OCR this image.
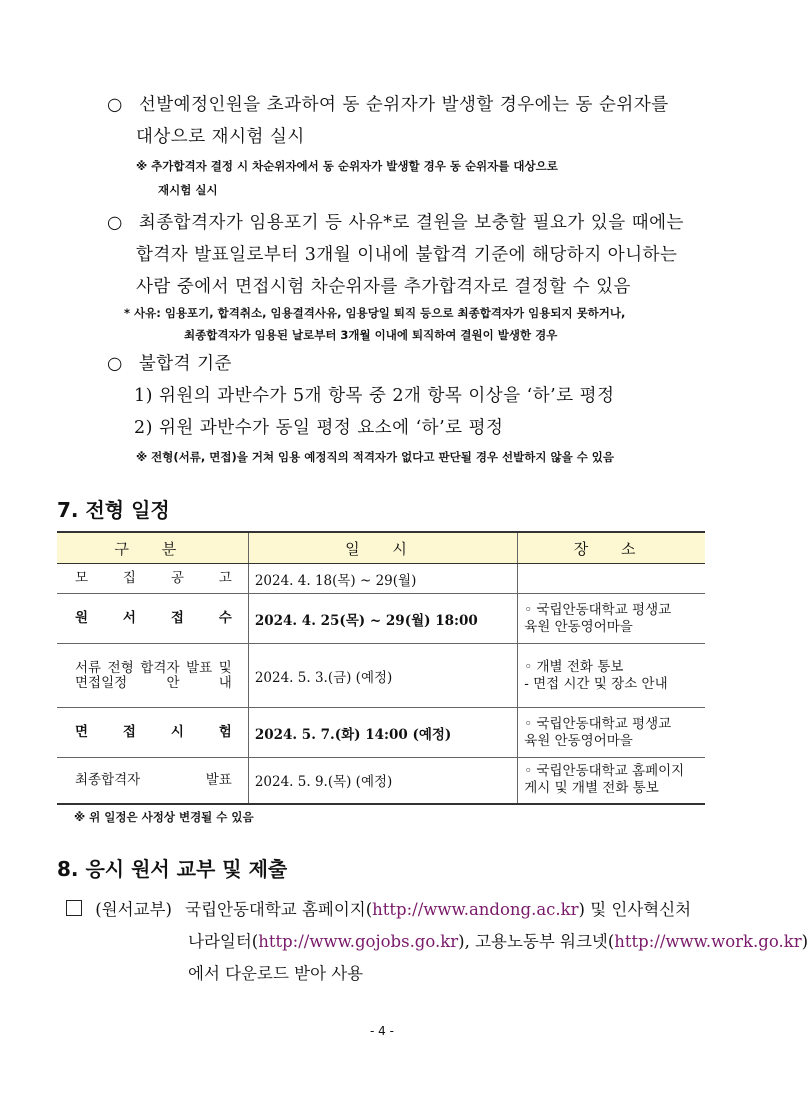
○ 선발예정인원을 초과하여 동 순위자가 발생할 경우에는 동 순위자를
대상으로 재시험 실시
※ 추가합격자 결정 시 차순위자에서 동 순위자가 발생할 경우 동 순위자를 대상으로
재시험 실시
○ 최종합격자가 임용포기 등 사유*로 결원을 보충할 필요가 있을 때에는
합격자 발표일로부터 3개월 이내에 불합격 기준에 해당하지 아니하는
사람 중에서 면접시험 차순위자를 추가합격자로 결정할 수 있음
* 사유: 임용포기, 합격취소, 임용결격사유, 임용당일 퇴직 등으로 최종합격자가 임용되지 못하거나,
최종합격자가 임용된 날로부터 3개월 이내에 퇴직하여 결원이 발생한 경우
○ 불합격 기준
1) 위원의 과반수가 5개 항목 중 2개 항목 이상을 ‘하’로 평정
2) 위원 과반수가 동일 평정 요소에 ‘하’로 평정
※ 전형(서류, 면접)을 거쳐 임용 예정직의 적격자가 없다고 판단될 경우 선발하지 않을 수 있음
7. 전형 일정
구 분	일 시	장 소
모 집 공 고	2024. 4. 18(목) ~ 29(월)	
원 서 접 수	2024. 4. 25(목) ~ 29(월) 18:00	◦ 국립안동대학교 평생교
육원 안동영어마을
서류 전형 합격자 발표 및 면접일정 안 내	2024. 5. 3.(금) (예정)	◦ 개별 전화 통보
- 면접 시간 및 장소 안내
면 접 시 험	2024. 5. 7.(화) 14:00 (예정)	◦ 국립안동대학교 평생교
육원 안동영어마을
최종합격자 발표	2024. 5. 9.(목) (예정)	◦ 국립안동대학교 홈페이지
게시 및 개별 전화 통보
※ 위 일정은 사정상 변경될 수 있음
8. 응시 원서 교부 및 제출
(원서교부) 국립안동대학교 홈페이지(http://www.andong.ac.kr) 및 인사혁신처
나라일터(http://www.gojobs.go.kr), 고용노동부 워크넷(http://www.work.go.kr)
에서 다운로드 받아 사용
- 4 -
